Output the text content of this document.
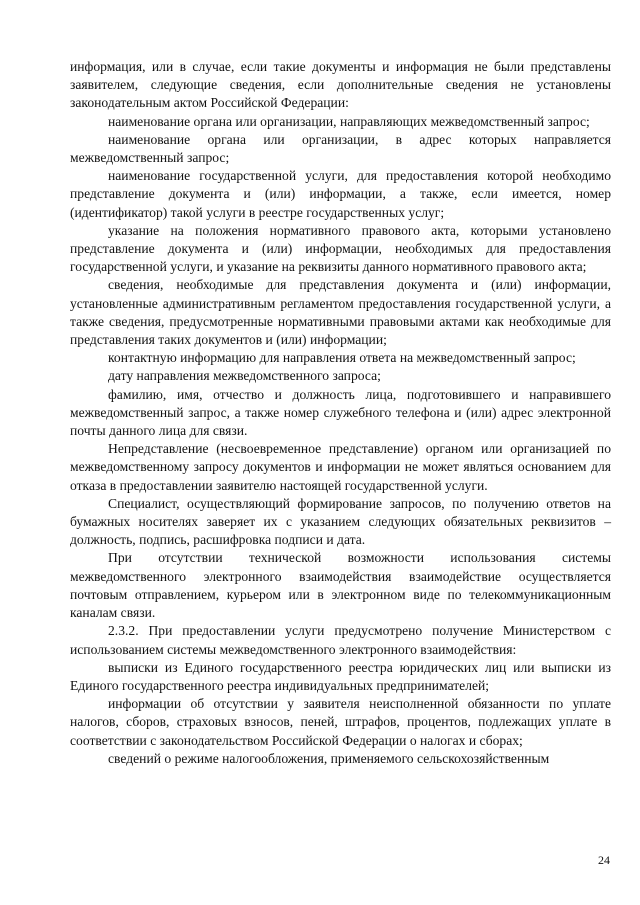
информация, или в случае, если такие документы и информация не были представлены заявителем, следующие сведения, если дополнительные сведения не установлены законодательным актом Российской Федерации:

наименование органа или организации, направляющих межведомственный запрос;

наименование органа или организации, в адрес которых направляется межведомственный запрос;

наименование государственной услуги, для предоставления которой необходимо представление документа и (или) информации, а также, если имеется, номер (идентификатор) такой услуги в реестре государственных услуг;

указание на положения нормативного правового акта, которыми установлено представление документа и (или) информации, необходимых для предоставления государственной услуги, и указание на реквизиты данного нормативного правового акта;

сведения, необходимые для представления документа и (или) информации, установленные административным регламентом предоставления государственной услуги, а также сведения, предусмотренные нормативными правовыми актами как необходимые для представления таких документов и (или) информации;

контактную информацию для направления ответа на межведомственный запрос;

дату направления межведомственного запроса;

фамилию, имя, отчество и должность лица, подготовившего и направившего межведомственный запрос, а также номер служебного телефона и (или) адрес электронной почты данного лица для связи.

Непредставление (несвоевременное представление) органом или организацией по межведомственному запросу документов и информации не может являться основанием для отказа в предоставлении заявителю настоящей государственной услуги.

Специалист, осуществляющий формирование запросов, по получению ответов на бумажных носителях заверяет их с указанием следующих обязательных реквизитов – должность, подпись, расшифровка подписи и дата.

При отсутствии технической возможности использования системы межведомственного электронного взаимодействия взаимодействие осуществляется почтовым отправлением, курьером или в электронном виде по телекоммуникационным каналам связи.

2.3.2. При предоставлении услуги предусмотрено получение Министерством с использованием системы межведомственного электронного взаимодействия:

выписки из Единого государственного реестра юридических лиц или выписки из Единого государственного реестра индивидуальных предпринимателей;

информации об отсутствии у заявителя неисполненной обязанности по уплате налогов, сборов, страховых взносов, пеней, штрафов, процентов, подлежащих уплате в соответствии с законодательством Российской Федерации о налогах и сборах;

сведений о режиме налогообложения, применяемого сельскохозяйственным

24
